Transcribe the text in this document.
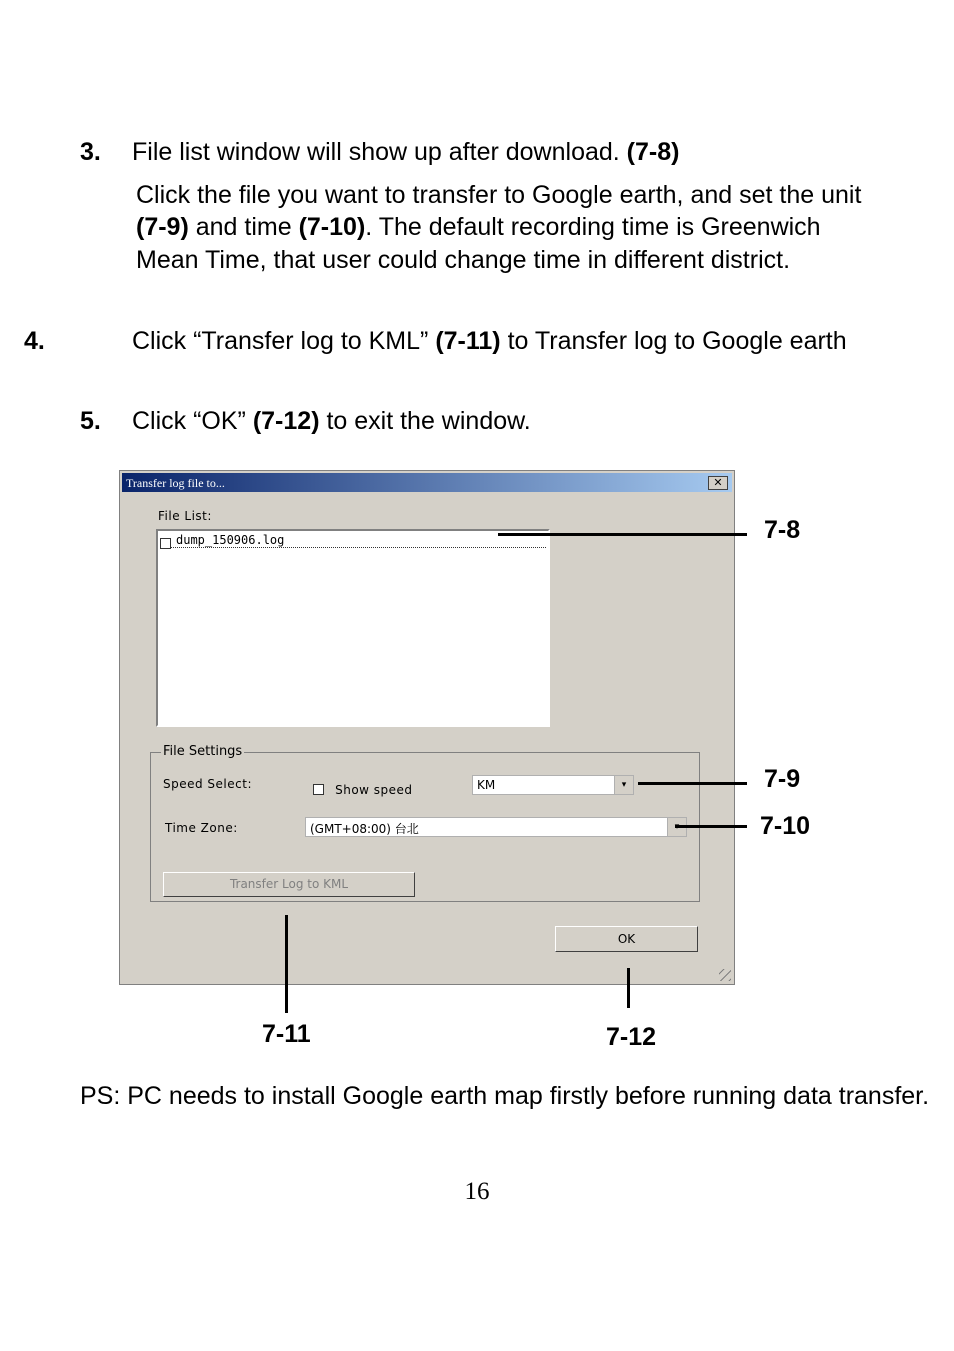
3. File list window will show up after download. (7-8)
Click the file you want to transfer to Google earth, and set the unit (7-9) and time (7-10). The default recording time is Greenwich Mean Time, that user could change time in different district.
4.	Click “Transfer log to KML” (7-11) to Transfer log to Google earth
5. Click “OK” (7-12) to exit the window.
Transfer log file to...	✕
File List:
dump_150906.log
File Settings
Speed Select:	Show speed	KM	▾
Time Zone:	(GMT+08:00) 台北
Transfer Log to KML
OK
7-8
7-9
7-10
7-11	7-12
PS: PC needs to install Google earth map firstly before running data transfer.
16
